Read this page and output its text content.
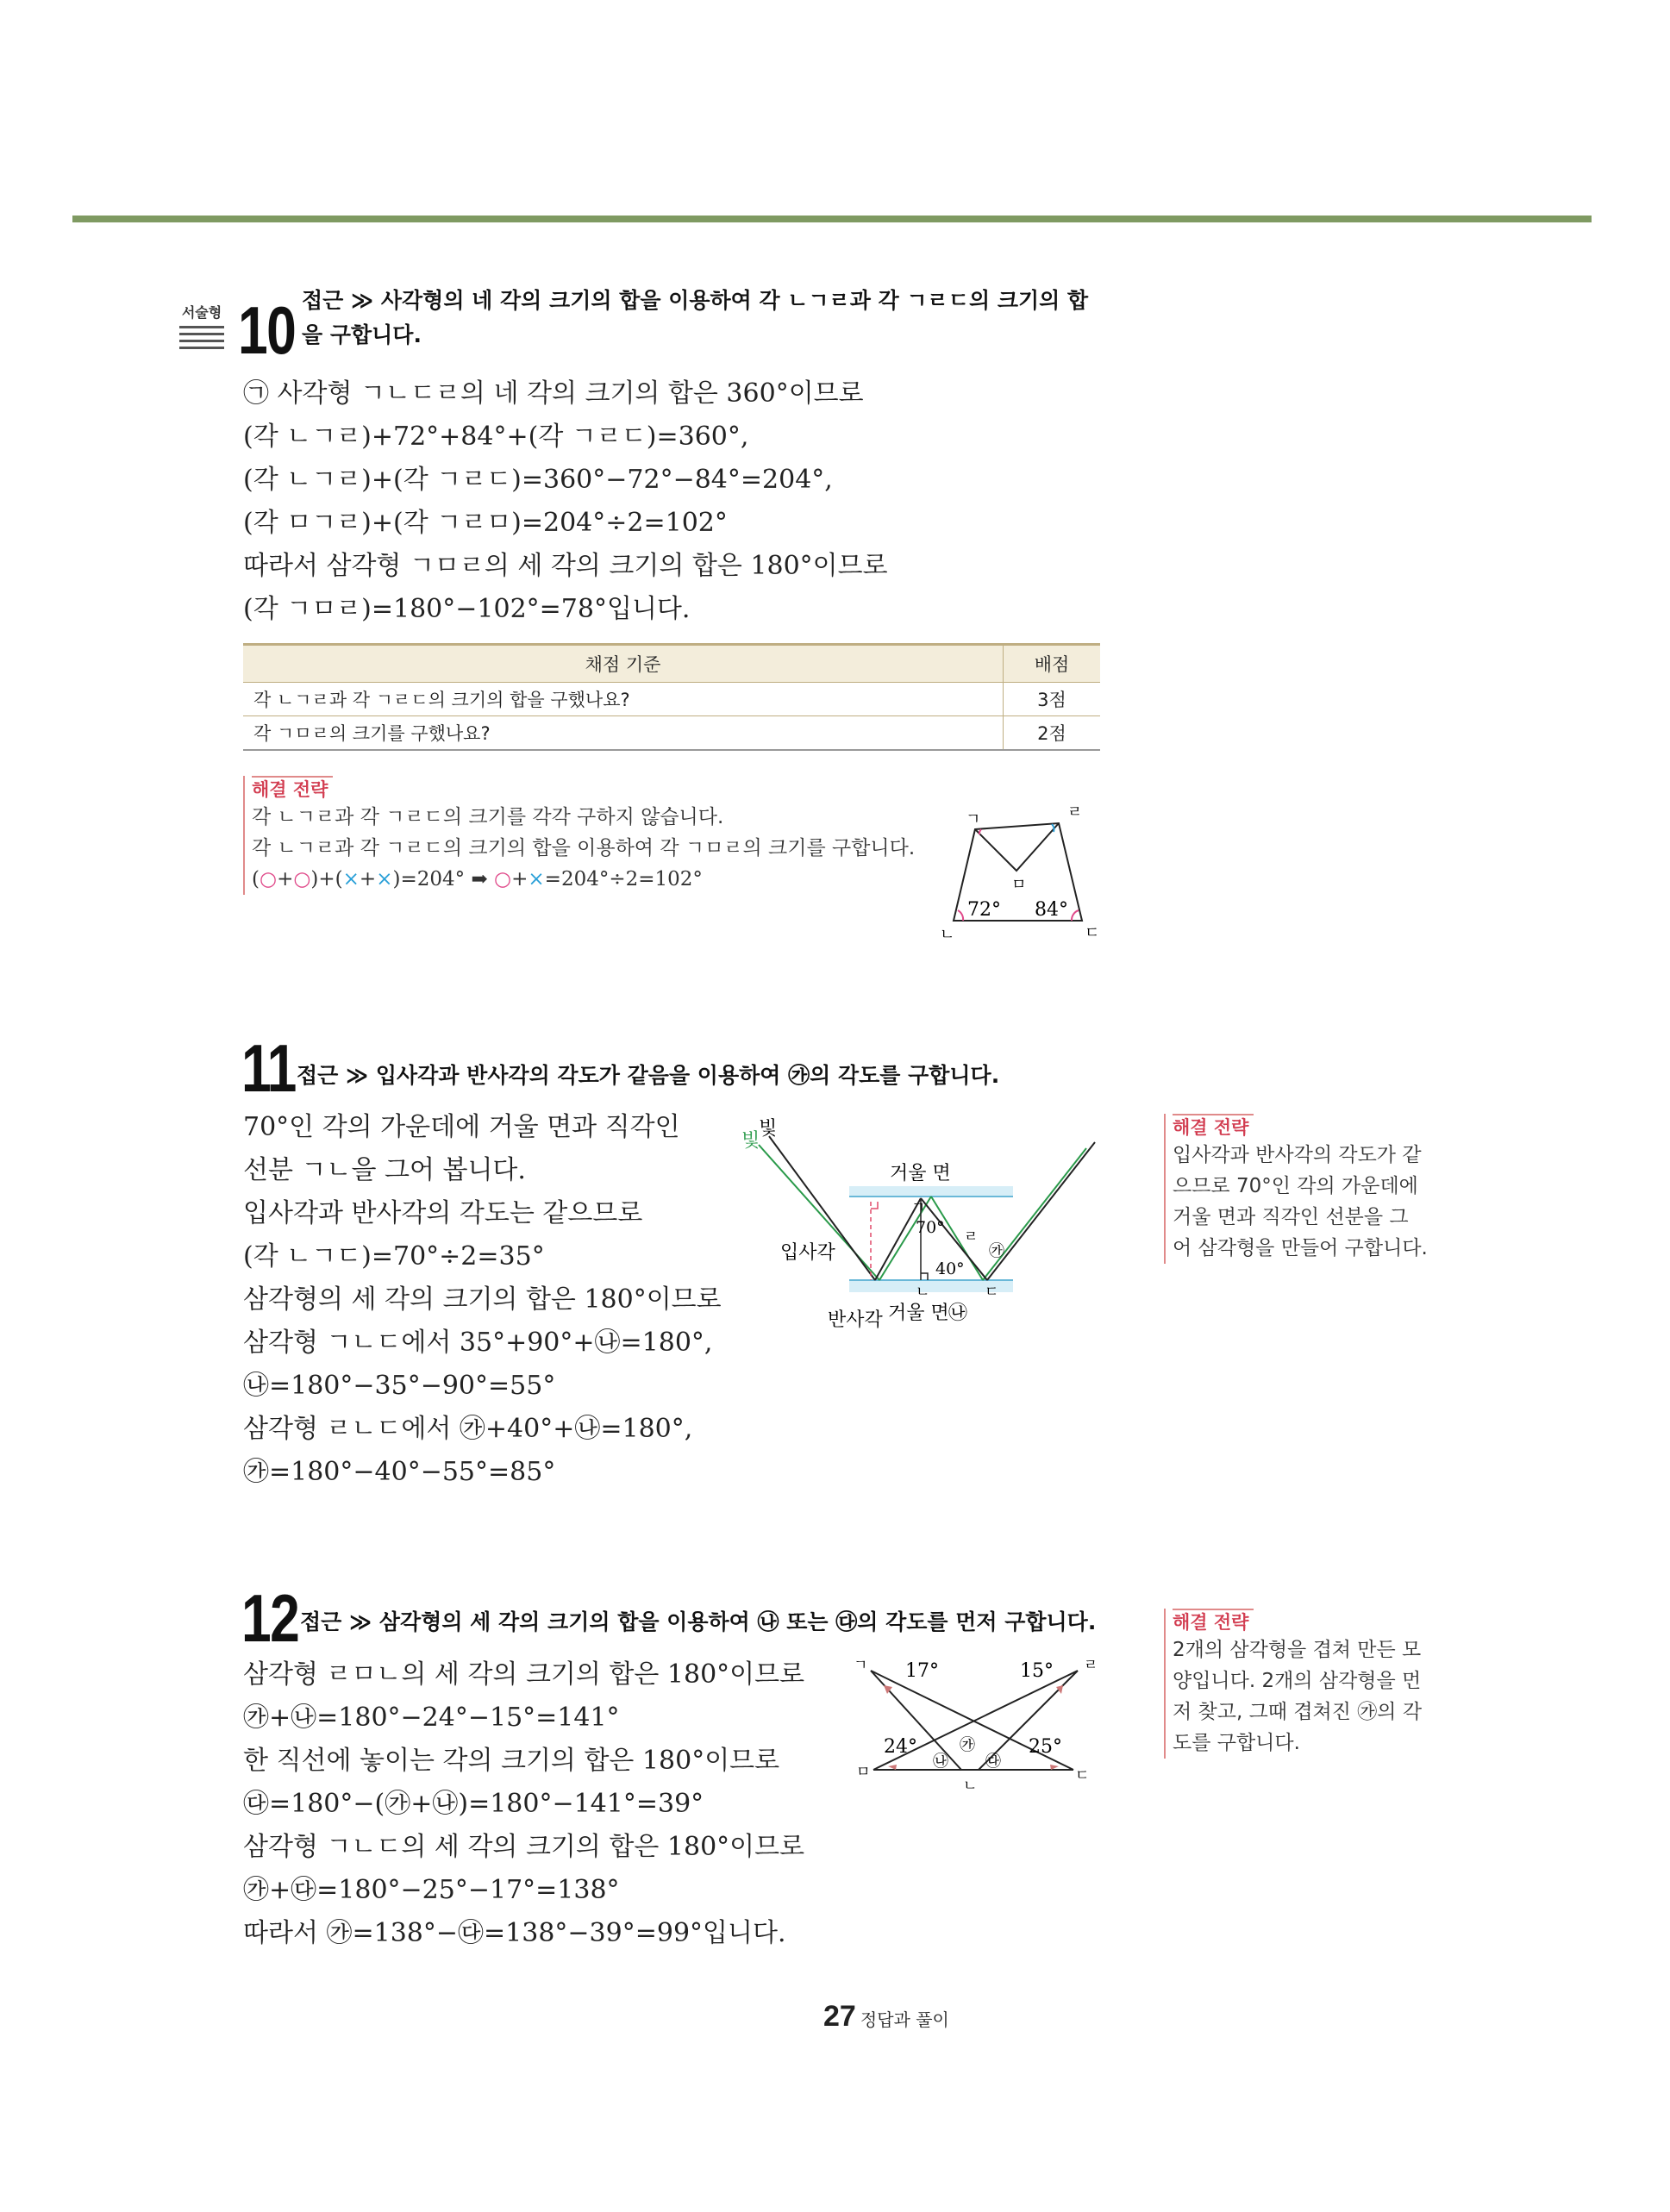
서술형 10 접근 ≫ 사각형의 네 각의 크기의 합을 이용하여 각 ㄴㄱㄹ과 각 ㄱㄹㄷ의 크기의 합
을 구합니다.
㉠ 사각형 ㄱㄴㄷㄹ의 네 각의 크기의 합은 360°이므로
(각 ㄴㄱㄹ)+72°+84°+(각 ㄱㄹㄷ)=360°,
(각 ㄴㄱㄹ)+(각 ㄱㄹㄷ)=360°−72°−84°=204°,
(각 ㅁㄱㄹ)+(각 ㄱㄹㅁ)=204°÷2=102°
따라서 삼각형 ㄱㅁㄹ의 세 각의 크기의 합은 180°이므로
(각 ㄱㅁㄹ)=180°−102°=78°입니다.
채점 기준	배점
각 ㄴㄱㄹ과 각 ㄱㄹㄷ의 크기의 합을 구했나요?	3점
각 ㄱㅁㄹ의 크기를 구했나요?	2점
해결 전략
각 ㄴㄱㄹ과 각 ㄱㄹㄷ의 크기를 각각 구하지 않습니다.
각 ㄴㄱㄹ과 각 ㄱㄹㄷ의 크기의 합을 이용하여 각 ㄱㅁㄹ의 크기를 구합니다.
(○+○)+(×+×)=204° ➡ ○+×=204°÷2=102°
ㄱ	ㄹ
ㅁ
ㄴ	ㄷ
72° 84°
11 접근 ≫ 입사각과 반사각의 각도가 같음을 이용하여 ㉮의 각도를 구합니다.
70°인 각의 가운데에 거울 면과 직각인
선분 ㄱㄴ을 그어 봅니다.
입사각과 반사각의 각도는 같으므로
(각 ㄴㄱㄷ)=70°÷2=35°
삼각형의 세 각의 크기의 합은 180°이므로
삼각형 ㄱㄴㄷ에서 35°+90°+㉯=180°,
㉯=180°−35°−90°=55°
삼각형 ㄹㄴㄷ에서 ㉮+40°+㉯=180°,
㉮=180°−40°−55°=85°
빛
빛
거울 면
거울 면 ㉯
입사각
반사각
70°
40°
ㄱ
ㄴ	ㄷ
ㄹ
㉮
해결 전략
입사각과 반사각의 각도가 같
으므로 70°인 각의 가운데에
거울 면과 직각인 선분을 그
어 삼각형을 만들어 구합니다.
12 접근 ≫ 삼각형의 세 각의 크기의 합을 이용하여 ㉯ 또는 ㉰의 각도를 먼저 구합니다.
삼각형 ㄹㅁㄴ의 세 각의 크기의 합은 180°이므로
㉮+㉯=180°−24°−15°=141°
한 직선에 놓이는 각의 크기의 합은 180°이므로
㉰=180°−(㉮+㉯)=180°−141°=39°
삼각형 ㄱㄴㄷ의 세 각의 크기의 합은 180°이므로
㉮+㉰=180°−25°−17°=138°
따라서 ㉮=138°−㉰=138°−39°=99°입니다.
ㄱ	ㄹ
ㅁ
ㄴ
ㄷ
17°	15°
24°	25°
㉮
㉯ ㉰
해결 전략
2개의 삼각형을 겹쳐 만든 모
양입니다. 2개의 삼각형을 먼
저 찾고, 그때 겹쳐진 ㉮의 각
도를 구합니다.
27 정답과 풀이
